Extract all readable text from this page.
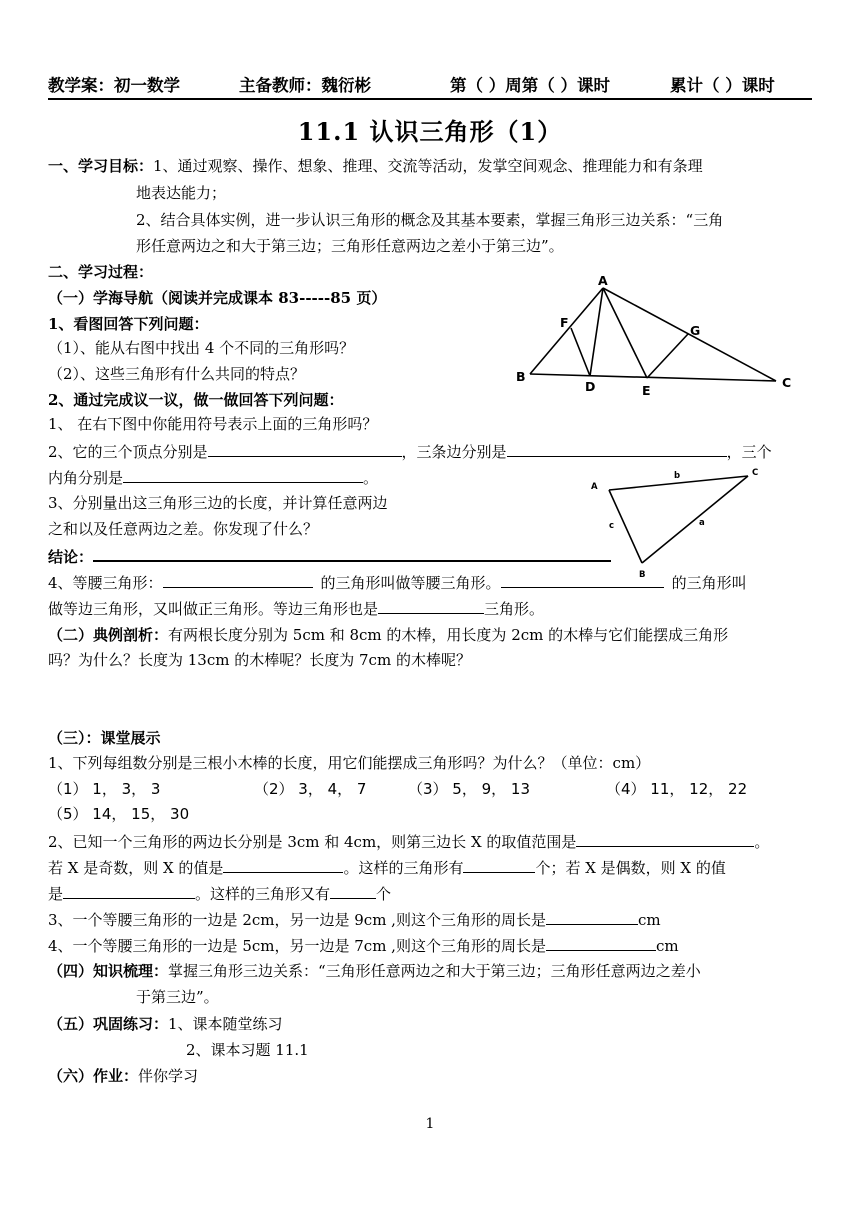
教学案：初一数学	主备教师：魏衍彬	第（ ）周第（ ）课时	累计（ ）课时
11.1 认识三角形（1）
一、学习目标：1、通过观察、操作、想象、推理、交流等活动，发掌空间观念、推理能力和有条理
地表达能力；
2、结合具体实例，进一步认识三角形的概念及其基本要素，掌握三角形三边关系：“三角
形任意两边之和大于第三边；三角形任意两边之差小于第三边”。
二、学习过程：
（一）学海导航（阅读并完成课本 83-----85 页）
1、看图回答下列问题：
（1）、能从右图中找出 4 个不同的三角形吗？
（2）、这些三角形有什么共同的特点？
2、通过完成议一议，做一做回答下列问题：
1、 在右下图中你能用符号表示上面的三角形吗？
2、它的三个顶点分别是	，三条边分别是	，三个
内角分别是	。
3、分别量出这三角形三边的长度，并计算任意两边
之和以及任意两边之差。你发现了什么？
结论：
4、等腰三角形：	的三角形叫做等腰三角形。	的三角形叫
做等边三角形，又叫做正三角形。等边三角形也是	三角形。
（二）典例剖析：有两根长度分别为 5cm 和 8cm 的木棒，用长度为 2cm 的木棒与它们能摆成三角形
吗？为什么？长度为 13cm 的木棒呢？长度为 7cm 的木棒呢？
（三）：课堂展示
1、下列每组数分别是三根小木棒的长度，用它们能摆成三角形吗？为什么？（单位：cm）
（1） 1， 3， 3	（2） 3， 4， 7	（3） 5， 9， 13	（4） 11， 12， 22
（5） 14， 15， 30
2、已知一个三角形的两边长分别是 3cm 和 4cm，则第三边长 X 的取值范围是	。
若 X 是奇数，则 X 的值是	。这样的三角形有	个；若 X 是偶数，则 X 的值
是	。这样的三角形又有	个
3、一个等腰三角形的一边是 2cm，另一边是 9cm ,则这个三角形的周长是	cm
4、一个等腰三角形的一边是 5cm，另一边是 7cm ,则这个三角形的周长是	cm
（四）知识梳理：掌握三角形三边关系：“三角形任意两边之和大于第三边；三角形任意两边之差小
于第三边”。
（五）巩固练习：1、课本随堂练习
2、课本习题 11.1
（六）作业：伴你学习
1
A
B	C
D	E
F
G
A
C
B
b
c	a
